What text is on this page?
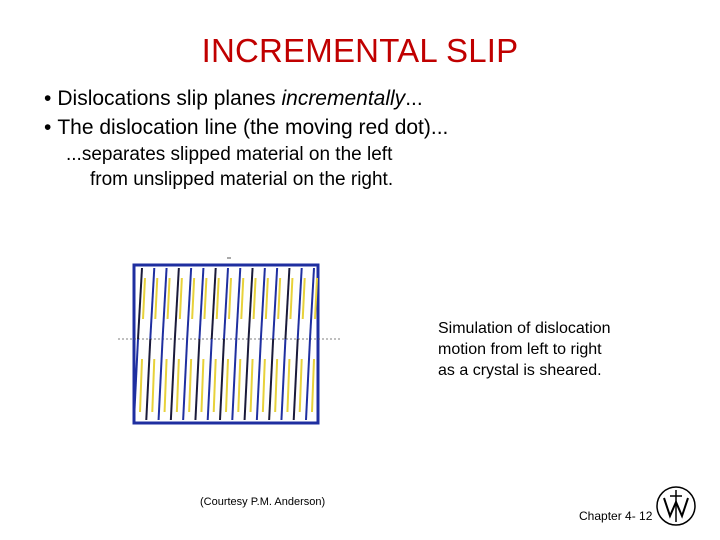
INCREMENTAL SLIP
• Dislocations slip planes incrementally...
• The dislocation line (the moving red dot)...
...separates slipped material on the left
from unslipped material on the right.
Simulation of dislocation
motion from left to right
as a crystal is sheared.
(Courtesy P.M. Anderson)
Chapter 4- 12
